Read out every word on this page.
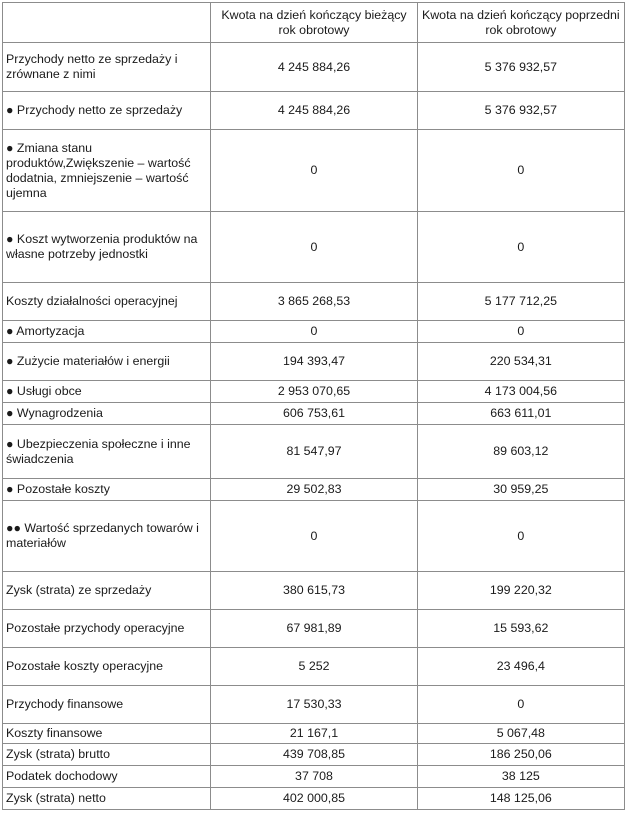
	Kwota na dzień kończący bieżący rok obrotowy	Kwota na dzień kończący poprzedni rok obrotowy
Przychody netto ze sprzedaży i zrównane z nimi	4 245 884,26	5 376 932,57
● Przychody netto ze sprzedaży	4 245 884,26	5 376 932,57
● Zmiana stanu produktów,Zwiększenie – wartość dodatnia, zmniejszenie – wartość ujemna	0	0
● Koszt wytworzenia produktów na własne potrzeby jednostki	0	0
Koszty działalności operacyjnej	3 865 268,53	5 177 712,25
● Amortyzacja	0	0
● Zużycie materiałów i energii	194 393,47	220 534,31
● Usługi obce	2 953 070,65	4 173 004,56
● Wynagrodzenia	606 753,61	663 611,01
● Ubezpieczenia społeczne i inne świadczenia	81 547,97	89 603,12
● Pozostałe koszty	29 502,83	30 959,25
●● Wartość sprzedanych towarów i materiałów	0	0
Zysk (strata) ze sprzedaży	380 615,73	199 220,32
Pozostałe przychody operacyjne	67 981,89	15 593,62
Pozostałe koszty operacyjne	5 252	23 496,4
Przychody finansowe	17 530,33	0
Koszty finansowe	21 167,1	5 067,48
Zysk (strata) brutto	439 708,85	186 250,06
Podatek dochodowy	37 708	38 125
Zysk (strata) netto	402 000,85	148 125,06
